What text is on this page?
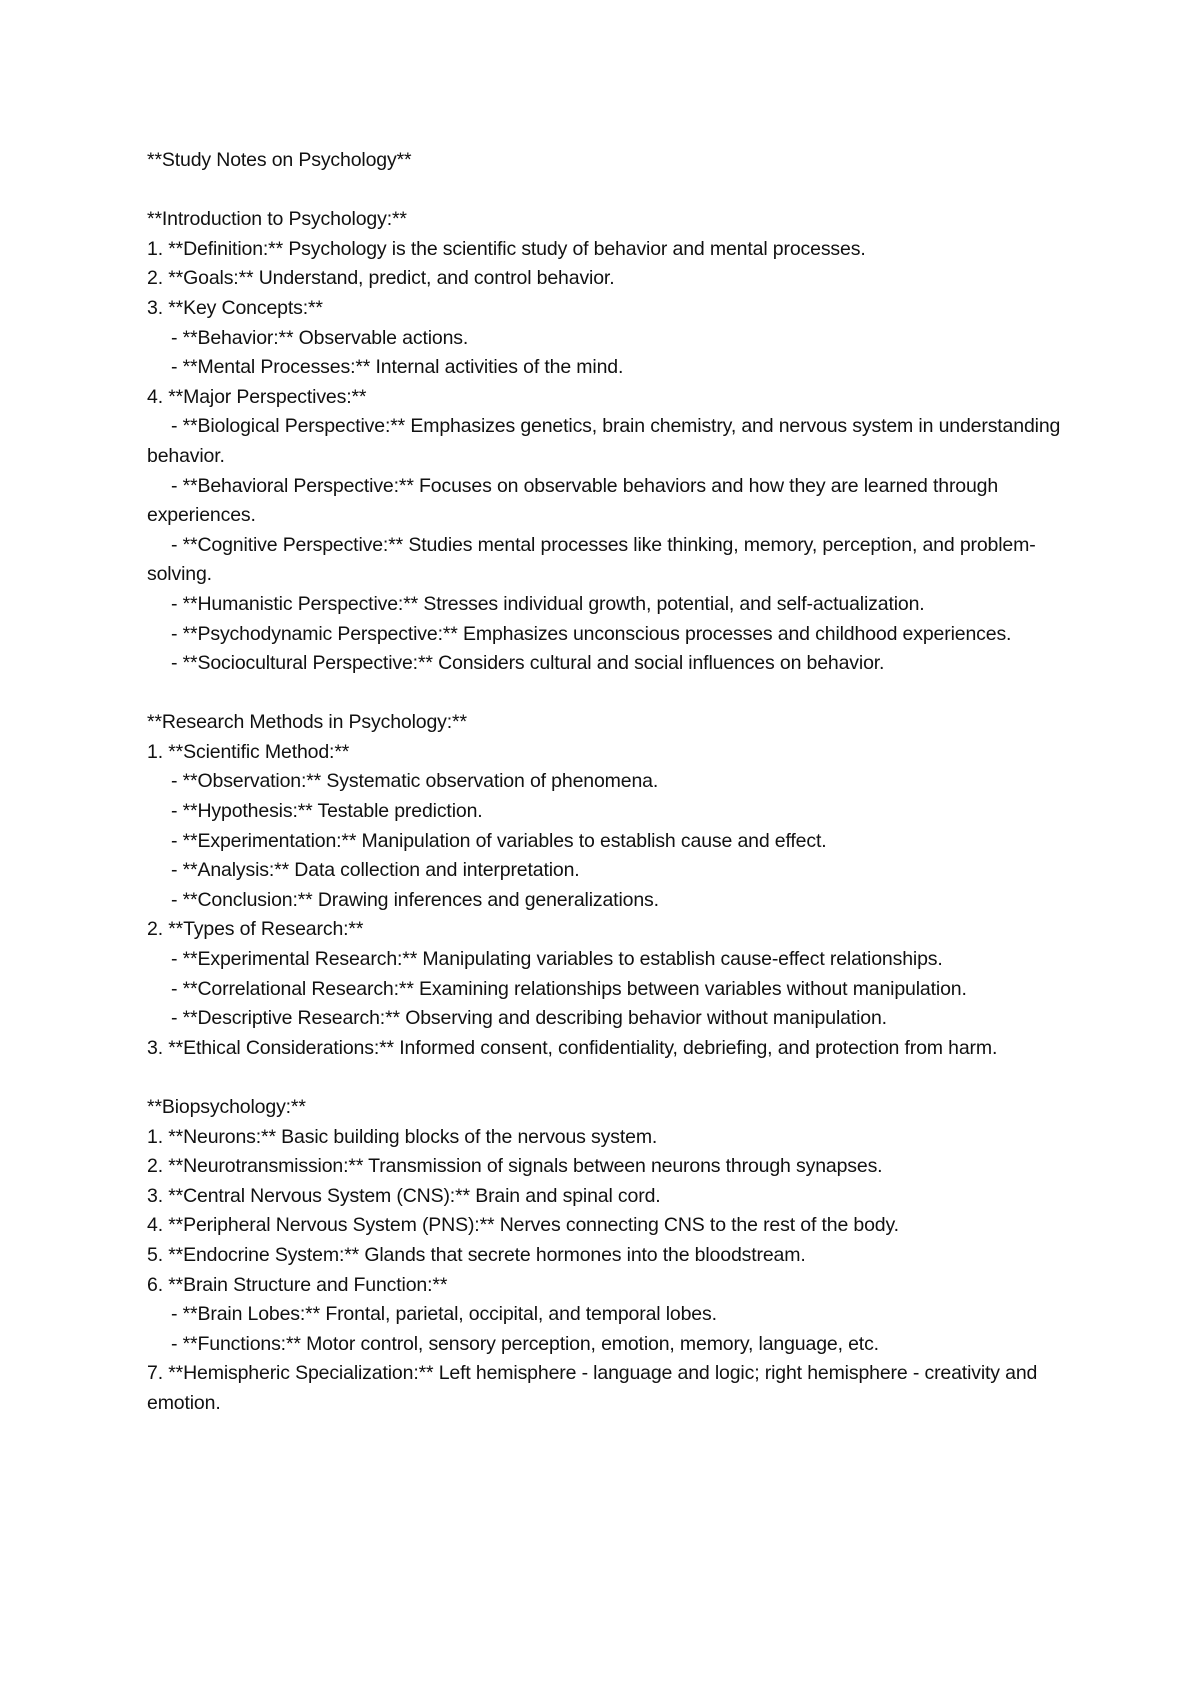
**Study Notes on Psychology**

**Introduction to Psychology:**

1. **Definition:** Psychology is the scientific study of behavior and mental processes.

2. **Goals:** Understand, predict, and control behavior.

3. **Key Concepts:**

- **Behavior:** Observable actions.

- **Mental Processes:** Internal activities of the mind.

4. **Major Perspectives:**

- **Biological Perspective:** Emphasizes genetics, brain chemistry, and nervous system in understanding behavior.

- **Behavioral Perspective:** Focuses on observable behaviors and how they are learned through experiences.

- **Cognitive Perspective:** Studies mental processes like thinking, memory, perception, and problem-solving.

- **Humanistic Perspective:** Stresses individual growth, potential, and self-actualization.

- **Psychodynamic Perspective:** Emphasizes unconscious processes and childhood experiences.

- **Sociocultural Perspective:** Considers cultural and social influences on behavior.

**Research Methods in Psychology:**

1. **Scientific Method:**

- **Observation:** Systematic observation of phenomena.

- **Hypothesis:** Testable prediction.

- **Experimentation:** Manipulation of variables to establish cause and effect.

- **Analysis:** Data collection and interpretation.

- **Conclusion:** Drawing inferences and generalizations.

2. **Types of Research:**

- **Experimental Research:** Manipulating variables to establish cause-effect relationships.

- **Correlational Research:** Examining relationships between variables without manipulation.

- **Descriptive Research:** Observing and describing behavior without manipulation.

3. **Ethical Considerations:** Informed consent, confidentiality, debriefing, and protection from harm.

**Biopsychology:**

1. **Neurons:** Basic building blocks of the nervous system.

2. **Neurotransmission:** Transmission of signals between neurons through synapses.

3. **Central Nervous System (CNS):** Brain and spinal cord.

4. **Peripheral Nervous System (PNS):** Nerves connecting CNS to the rest of the body.

5. **Endocrine System:** Glands that secrete hormones into the bloodstream.

6. **Brain Structure and Function:**

- **Brain Lobes:** Frontal, parietal, occipital, and temporal lobes.

- **Functions:** Motor control, sensory perception, emotion, memory, language, etc.

7. **Hemispheric Specialization:** Left hemisphere - language and logic; right hemisphere - creativity and emotion.
